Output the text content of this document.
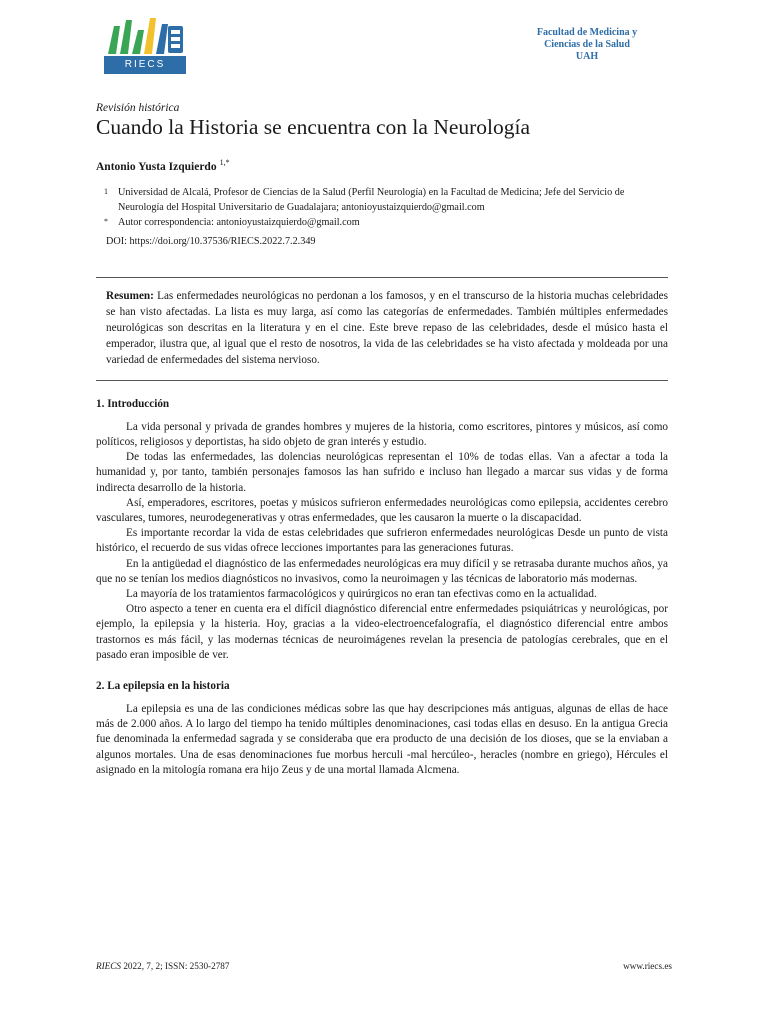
RIECS
Facultad de Medicina y
Ciencias de la Salud
UAH
Revisión histórica
Cuando la Historia se encuentra con la Neurología
Antonio Yusta Izquierdo $^{1,*}$
1 Universidad de Alcalá, Profesor de Ciencias de la Salud (Perfil Neurología) en la Facultad de Medicina; Jefe del Servicio de Neurología del Hospital Universitario de Guadalajara; antonioyustaizquierdo@gmail.com
* Autor correspondencia: antonioyustaizquierdo@gmail.com
DOI: https://doi.org/10.37536/RIECS.2022.7.2.349
Resumen: Las enfermedades neurológicas no perdonan a los famosos, y en el transcurso de la historia muchas celebridades se han visto afectadas. La lista es muy larga, así como las categorías de enfermedades. También múltiples enfermedades neurológicas son descritas en la literatura y en el cine. Este breve repaso de las celebridades, desde el músico hasta el emperador, ilustra que, al igual que el resto de nosotros, la vida de las celebridades se ha visto afectada y moldeada por una variedad de enfermedades del sistema nervioso.
1. Introducción

La vida personal y privada de grandes hombres y mujeres de la historia, como escritores, pintores y músicos, así como políticos, religiosos y deportistas, ha sido objeto de gran interés y estudio.

De todas las enfermedades, las dolencias neurológicas representan el 10% de todas ellas. Van a afectar a toda la humanidad y, por tanto, también personajes famosos las han sufrido e incluso han llegado a marcar sus vidas y de forma indirecta desarrollo de la historia.

Así, emperadores, escritores, poetas y músicos sufrieron enfermedades neurológicas como epilepsia, accidentes cerebro vasculares, tumores, neurodegenerativas y otras enfermedades, que les causaron la muerte o la discapacidad.

Es importante recordar la vida de estas celebridades que sufrieron enfermedades neurológicas Desde un punto de vista histórico, el recuerdo de sus vidas ofrece lecciones importantes para las generaciones futuras.

En la antigüedad el diagnóstico de las enfermedades neurológicas era muy difícil y se retrasaba durante muchos años, ya que no se tenían los medios diagnósticos no invasivos, como la neuroimagen y las técnicas de laboratorio más modernas.

La mayoría de los tratamientos farmacológicos y quirúrgicos no eran tan efectivas como en la actualidad.

Otro aspecto a tener en cuenta era el difícil diagnóstico diferencial entre enfermedades psiquiátricas y neurológicas, por ejemplo, la epilepsia y la histeria. Hoy, gracias a la video-electroencefalografía, el diagnóstico diferencial entre ambos trastornos es más fácil, y las modernas técnicas de neuroimágenes revelan la presencia de patologías cerebrales, que en el pasado eran imposible de ver.

2. La epilepsia en la historia

La epilepsia es una de las condiciones médicas sobre las que hay descripciones más antiguas, algunas de ellas de hace más de 2.000 años. A lo largo del tiempo ha tenido múltiples denominaciones, casi todas ellas en desuso. En la antigua Grecia fue denominada la enfermedad sagrada y se consideraba que era producto de una decisión de los dioses, que se la enviaban a algunos mortales. Una de esas denominaciones fue morbus herculi -mal hercúleo-, heracles (nombre en griego), Hércules el asignado en la mitología romana era hijo Zeus y de una mortal llamada Alcmena.

RIECS 2022, 7, 2; ISSN: 2530-2787	www.riecs.es
